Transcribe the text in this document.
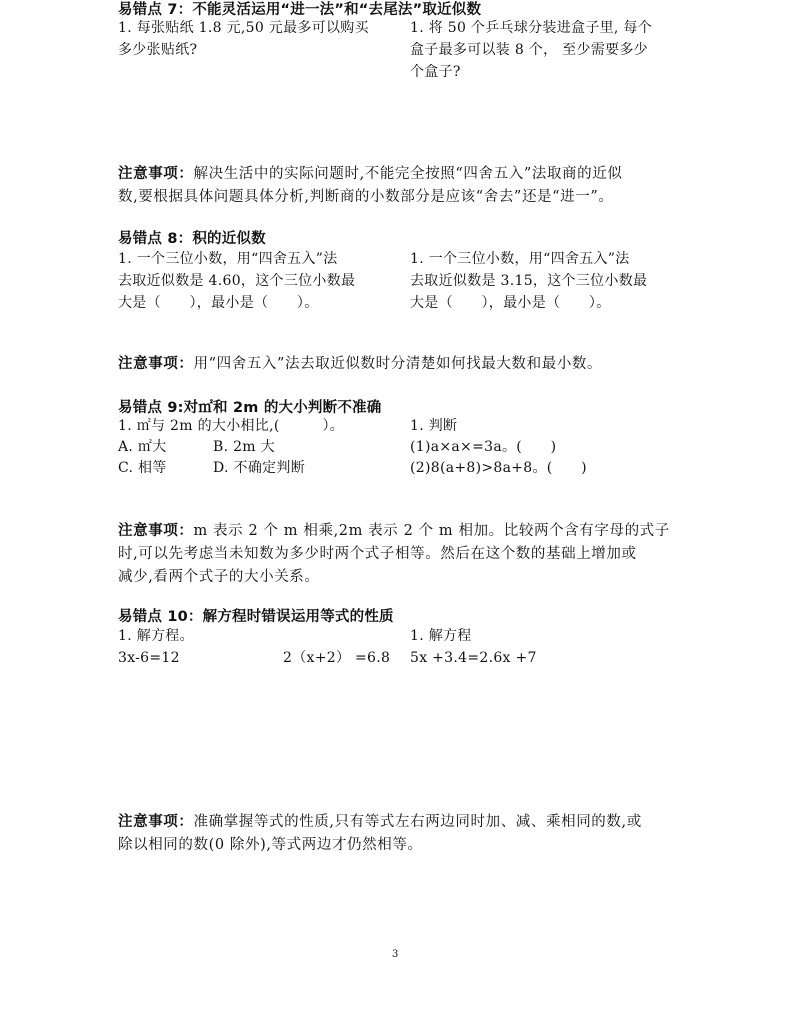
易错点 7：不能灵活运用“进一法”和“去尾法”取近似数
1. 每张贴纸 1.8 元,50 元最多可以购买
多少张贴纸?
1. 将 50 个乒乓球分装进盒子里, 每个
盒子最多可以装 8 个， 至少需要多少
个盒子?
注意事项：解决生活中的实际问题时,不能完全按照“四舍五入”法取商的近似
数,要根据具体问题具体分析,判断商的小数部分是应该“舍去”还是“进一”。
易错点 8：积的近似数
1. 一个三位小数，用“四舍五入”法
去取近似数是 4.60，这个三位小数最
大是（　　），最小是（　　）。
1. 一个三位小数，用“四舍五入”法
去取近似数是 3.15，这个三位小数最
大是（　　），最小是（　　）。
注意事项：用“四舍五入”法去取近似数时分清楚如何找最大数和最小数。
易错点 9:对㎡和 2m 的大小判断不准确
1. ㎡与 2m 的大小相比,(　　　）。
A. ㎡大	B. 2m 大
C. 相等	D. 不确定判断
1. 判断
(1)a×a×=3a。(　　)
(2)8(a+8)>8a+8。(　　)
注意事项：m 表示 2 个 m 相乘,2m 表示 2 个 m 相加。比较两个含有字母的式子
时,可以先考虑当未知数为多少时两个式子相等。然后在这个数的基础上增加或
减少,看两个式子的大小关系。
易错点 10：解方程时错误运用等式的性质
1. 解方程。
3x-6=12	2（x+2） =6.8
1. 解方程
5x +3.4=2.6x +7
注意事项：准确掌握等式的性质,只有等式左右两边同时加、减、乘相同的数,或
除以相同的数(0 除外),等式两边才仍然相等。
3
